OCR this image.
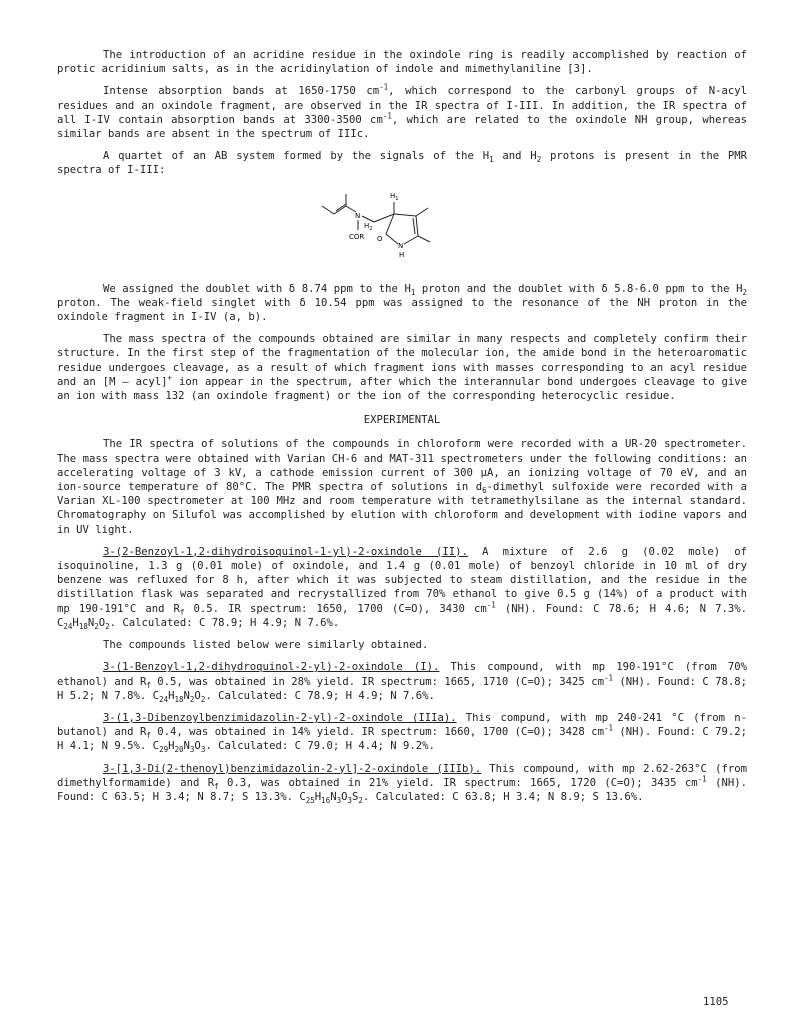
The introduction of an acridine residue in the oxindole ring is readily accomplished by reaction of protic acridinium salts, as in the acridinylation of indole and mimethylaniline [3].

Intense absorption bands at 1650-1750 $cm^{-1}$, which correspond to the carbonyl groups of N-acyl residues and an oxindole fragment, are observed in the IR spectra of I-III. In addition, the IR spectra of all I-IV contain absorption bands at 3300-3500 $cm^{-1}$, which are related to the oxindole NH group, whereas similar bands are absent in the spectrum of IIIc.

A quartet of an AB system formed by the signals of the $H_1$ and $H_2$ protons is present in the PMR spectra of I-III:

N
COR
$H_2$
$H_1$
O
N
H

We assigned the doublet with δ 8.74 ppm to the $H_1$ proton and the doublet with δ 5.8-6.0 ppm to the $H_2$ proton. The weak-field singlet with δ 10.54 ppm was assigned to the resonance of the NH proton in the oxindole fragment in I-IV (a, b).

The mass spectra of the compounds obtained are similar in many respects and completely confirm their structure. In the first step of the fragmentation of the molecular ion, the amide bond in the heteroaromatic residue undergoes cleavage, as a result of which fragment ions with masses corresponding to an acyl residue and an [M — acyl]+ ion appear in the spectrum, after which the interannular bond undergoes cleavage to give an ion with mass 132 (an oxindole fragment) or the ion of the corresponding heterocyclic residue.

EXPERIMENTAL

The IR spectra of solutions of the compounds in chloroform were recorded with a UR-20 spectrometer. The mass spectra were obtained with Varian CH-6 and MAT-311 spectrometers under the following conditions: an accelerating voltage of 3 kV, a cathode emission current of 300 μA, an ionizing voltage of 70 eV, and an ion-source temperature of 80°C. The PMR spectra of solutions in $d_6$-dimethyl sulfoxide were recorded with a Varian XL-100 spectrometer at 100 MHz and room temperature with tetramethylsilane as the internal standard. Chromatography on Silufol was accomplished by elution with chloroform and development with iodine vapors and in UV light.

3-(2-Benzoyl-1,2-dihydroisoquinol-1-yl)-2-oxindole (II). A mixture of 2.6 g (0.02 mole) of isoquinoline, 1.3 g (0.01 mole) of oxindole, and 1.4 g (0.01 mole) of benzoyl chloride in 10 ml of dry benzene was refluxed for 8 h, after which it was subjected to steam distillation, and the residue in the distillation flask was separated and recrystallized from 70% ethanol to give 0.5 g (14%) of a product with mp 190-191°C and $R_f$ 0.5. IR spectrum: 1650, 1700 (C=O), 3430 $cm^{-1}$ (NH). Found: C 78.6; H 4.6; N 7.3%. $C_{24}H_{18}N_2O_2$. Calculated: C 78.9; H 4.9; N 7.6%.

The compounds listed below were similarly obtained.

3-(1-Benzoyl-1,2-dihydroquinol-2-yl)-2-oxindole (I). This compound, with mp 190-191°C (from 70% ethanol) and $R_f$ 0.5, was obtained in 28% yield. IR spectrum: 1665, 1710 (C=O); 3425 $cm^{-1}$ (NH). Found: C 78.8; H 5.2; N 7.8%. $C_{24}H_{18}N_2O_2$. Calculated: C 78.9; H 4.9; N 7.6%.

3-(1,3-Dibenzoylbenzimidazolin-2-yl)-2-oxindole (IIIa). This compund, with mp 240-241 °C (from n-butanol) and $R_f$ 0.4, was obtained in 14% yield. IR spectrum: 1660, 1700 (C=O); 3428 $cm^{-1}$ (NH). Found: C 79.2; H 4.1; N 9.5%. $C_{29}H_{20}N_3O_3$. Calculated: C 79.0; H 4.4; N 9.2%.

3-[1,3-Di(2-thenoyl)benzimidazolin-2-yl]-2-oxindole (IIIb). This compound, with mp 2.62-263°C (from dimethylformamide) and $R_f$ 0.3, was obtained in 21% yield. IR spectrum: 1665, 1720 (C=O); 3435 $cm^{-1}$ (NH). Found: C 63.5; H 3.4; N 8.7; S 13.3%. $C_{25}H_{16}N_3O_3S_2$. Calculated: C 63.8; H 3.4; N 8.9; S 13.6%.

1105
